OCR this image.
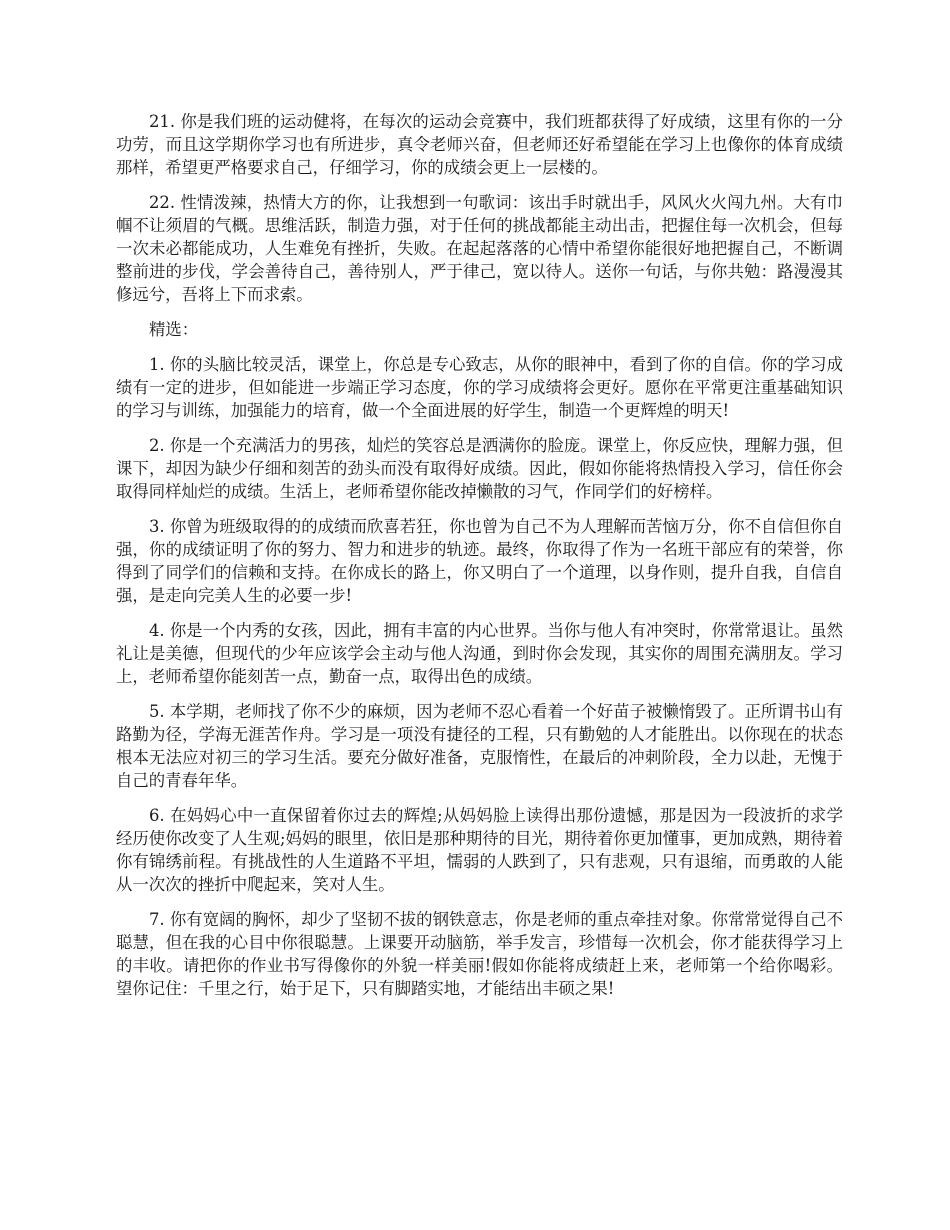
21. 你是我们班的运动健将，在每次的运动会竞赛中，我们班都获得了好成绩，这里有你的一分功劳，而且这学期你学习也有所进步，真令老师兴奋，但老师还好希望能在学习上也像你的体育成绩那样，希望更严格要求自己，仔细学习，你的成绩会更上一层楼的。

22. 性情泼辣，热情大方的你，让我想到一句歌词：该出手时就出手，风风火火闯九州。大有巾帼不让须眉的气概。思维活跃，制造力强，对于任何的挑战都能主动出击，把握住每一次机会，但每一次未必都能成功，人生难免有挫折，失败。在起起落落的心情中希望你能很好地把握自己，不断调整前进的步伐，学会善待自己，善待别人，严于律己，宽以待人。送你一句话，与你共勉：路漫漫其修远兮，吾将上下而求索。

精选：

1. 你的头脑比较灵活，课堂上，你总是专心致志，从你的眼神中，看到了你的自信。你的学习成绩有一定的进步，但如能进一步端正学习态度，你的学习成绩将会更好。愿你在平常更注重基础知识的学习与训练，加强能力的培育，做一个全面进展的好学生，制造一个更辉煌的明天!

2. 你是一个充满活力的男孩，灿烂的笑容总是洒满你的脸庞。课堂上，你反应快，理解力强，但课下，却因为缺少仔细和刻苦的劲头而没有取得好成绩。因此，假如你能将热情投入学习，信任你会取得同样灿烂的成绩。生活上，老师希望你能改掉懒散的习气，作同学们的好榜样。

3. 你曾为班级取得的的成绩而欣喜若狂，你也曾为自己不为人理解而苦恼万分，你不自信但你自强，你的成绩证明了你的努力、智力和进步的轨迹。最终，你取得了作为一名班干部应有的荣誉，你得到了同学们的信赖和支持。在你成长的路上，你又明白了一个道理，以身作则，提升自我，自信自强，是走向完美人生的必要一步!

4. 你是一个内秀的女孩，因此，拥有丰富的内心世界。当你与他人有冲突时，你常常退让。虽然礼让是美德，但现代的少年应该学会主动与他人沟通，到时你会发现，其实你的周围充满朋友。学习上，老师希望你能刻苦一点，勤奋一点，取得出色的成绩。

5. 本学期，老师找了你不少的麻烦，因为老师不忍心看着一个好苗子被懒惰毁了。正所谓书山有路勤为径，学海无涯苦作舟。学习是一项没有捷径的工程，只有勤勉的人才能胜出。以你现在的状态根本无法应对初三的学习生活。要充分做好准备，克服惰性，在最后的冲刺阶段，全力以赴，无愧于自己的青春年华。

6. 在妈妈心中一直保留着你过去的辉煌;从妈妈脸上读得出那份遗憾，那是因为一段波折的求学经历使你改变了人生观;妈妈的眼里，依旧是那种期待的目光，期待着你更加懂事，更加成熟，期待着你有锦绣前程。有挑战性的人生道路不平坦，懦弱的人跌到了，只有悲观，只有退缩，而勇敢的人能从一次次的挫折中爬起来，笑对人生。

7. 你有宽阔的胸怀，却少了坚韧不拔的钢铁意志，你是老师的重点牵挂对象。你常常觉得自己不聪慧，但在我的心目中你很聪慧。上课要开动脑筋，举手发言，珍惜每一次机会，你才能获得学习上的丰收。请把你的作业书写得像你的外貌一样美丽!假如你能将成绩赶上来，老师第一个给你喝彩。望你记住：千里之行，始于足下，只有脚踏实地，才能结出丰硕之果!
